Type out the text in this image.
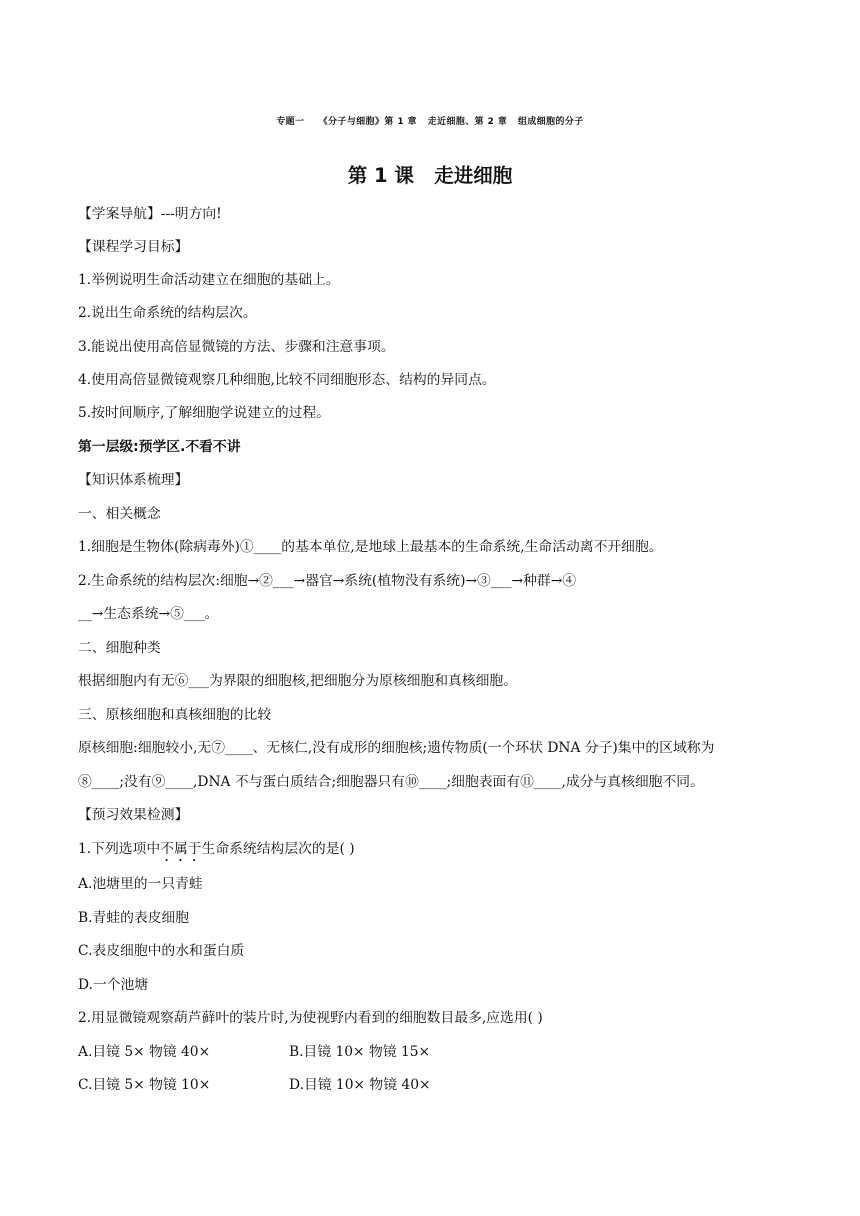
专题一    《分子与细胞》第 1 章   走近细胞、第 2 章   组成细胞的分子
第 1 课   走进细胞
【学案导航】---明方向!
【课程学习目标】
1.举例说明生命活动建立在细胞的基础上。
2.说出生命系统的结构层次。
3.能说出使用高倍显微镜的方法、步骤和注意事项。
4.使用高倍显微镜观察几种细胞,比较不同细胞形态、结构的异同点。
5.按时间顺序,了解细胞学说建立的过程。
第一层级:预学区.不看不讲
【知识体系梳理】
一、相关概念
1.细胞是生物体(除病毒外)①____的基本单位,是地球上最基本的生命系统,生命活动离不开细胞。
2.生命系统的结构层次:细胞→②___→器官→系统(植物没有系统)→③___→种群→④
__→生态系统→⑤___。
二、细胞种类
根据细胞内有无⑥___为界限的细胞核,把细胞分为原核细胞和真核细胞。
三、原核细胞和真核细胞的比较
原核细胞:细胞较小,无⑦____、无核仁,没有成形的细胞核;遗传物质(一个环状 DNA 分子)集中的区域称为
⑧____;没有⑨____,DNA 不与蛋白质结合;细胞器只有⑩____;细胞表面有⑪____,成分与真核细胞不同。
【预习效果检测】
1.下列选项中不属于生命系统结构层次的是( )
A.池塘里的一只青蛙
B.青蛙的表皮细胞
C.表皮细胞中的水和蛋白质
D.一个池塘
2.用显微镜观察葫芦藓叶的装片时,为使视野内看到的细胞数目最多,应选用( )
A.目镜 5× 物镜 40×	B.目镜 10× 物镜 15×
C.目镜 5× 物镜 10×	D.目镜 10× 物镜 40×
